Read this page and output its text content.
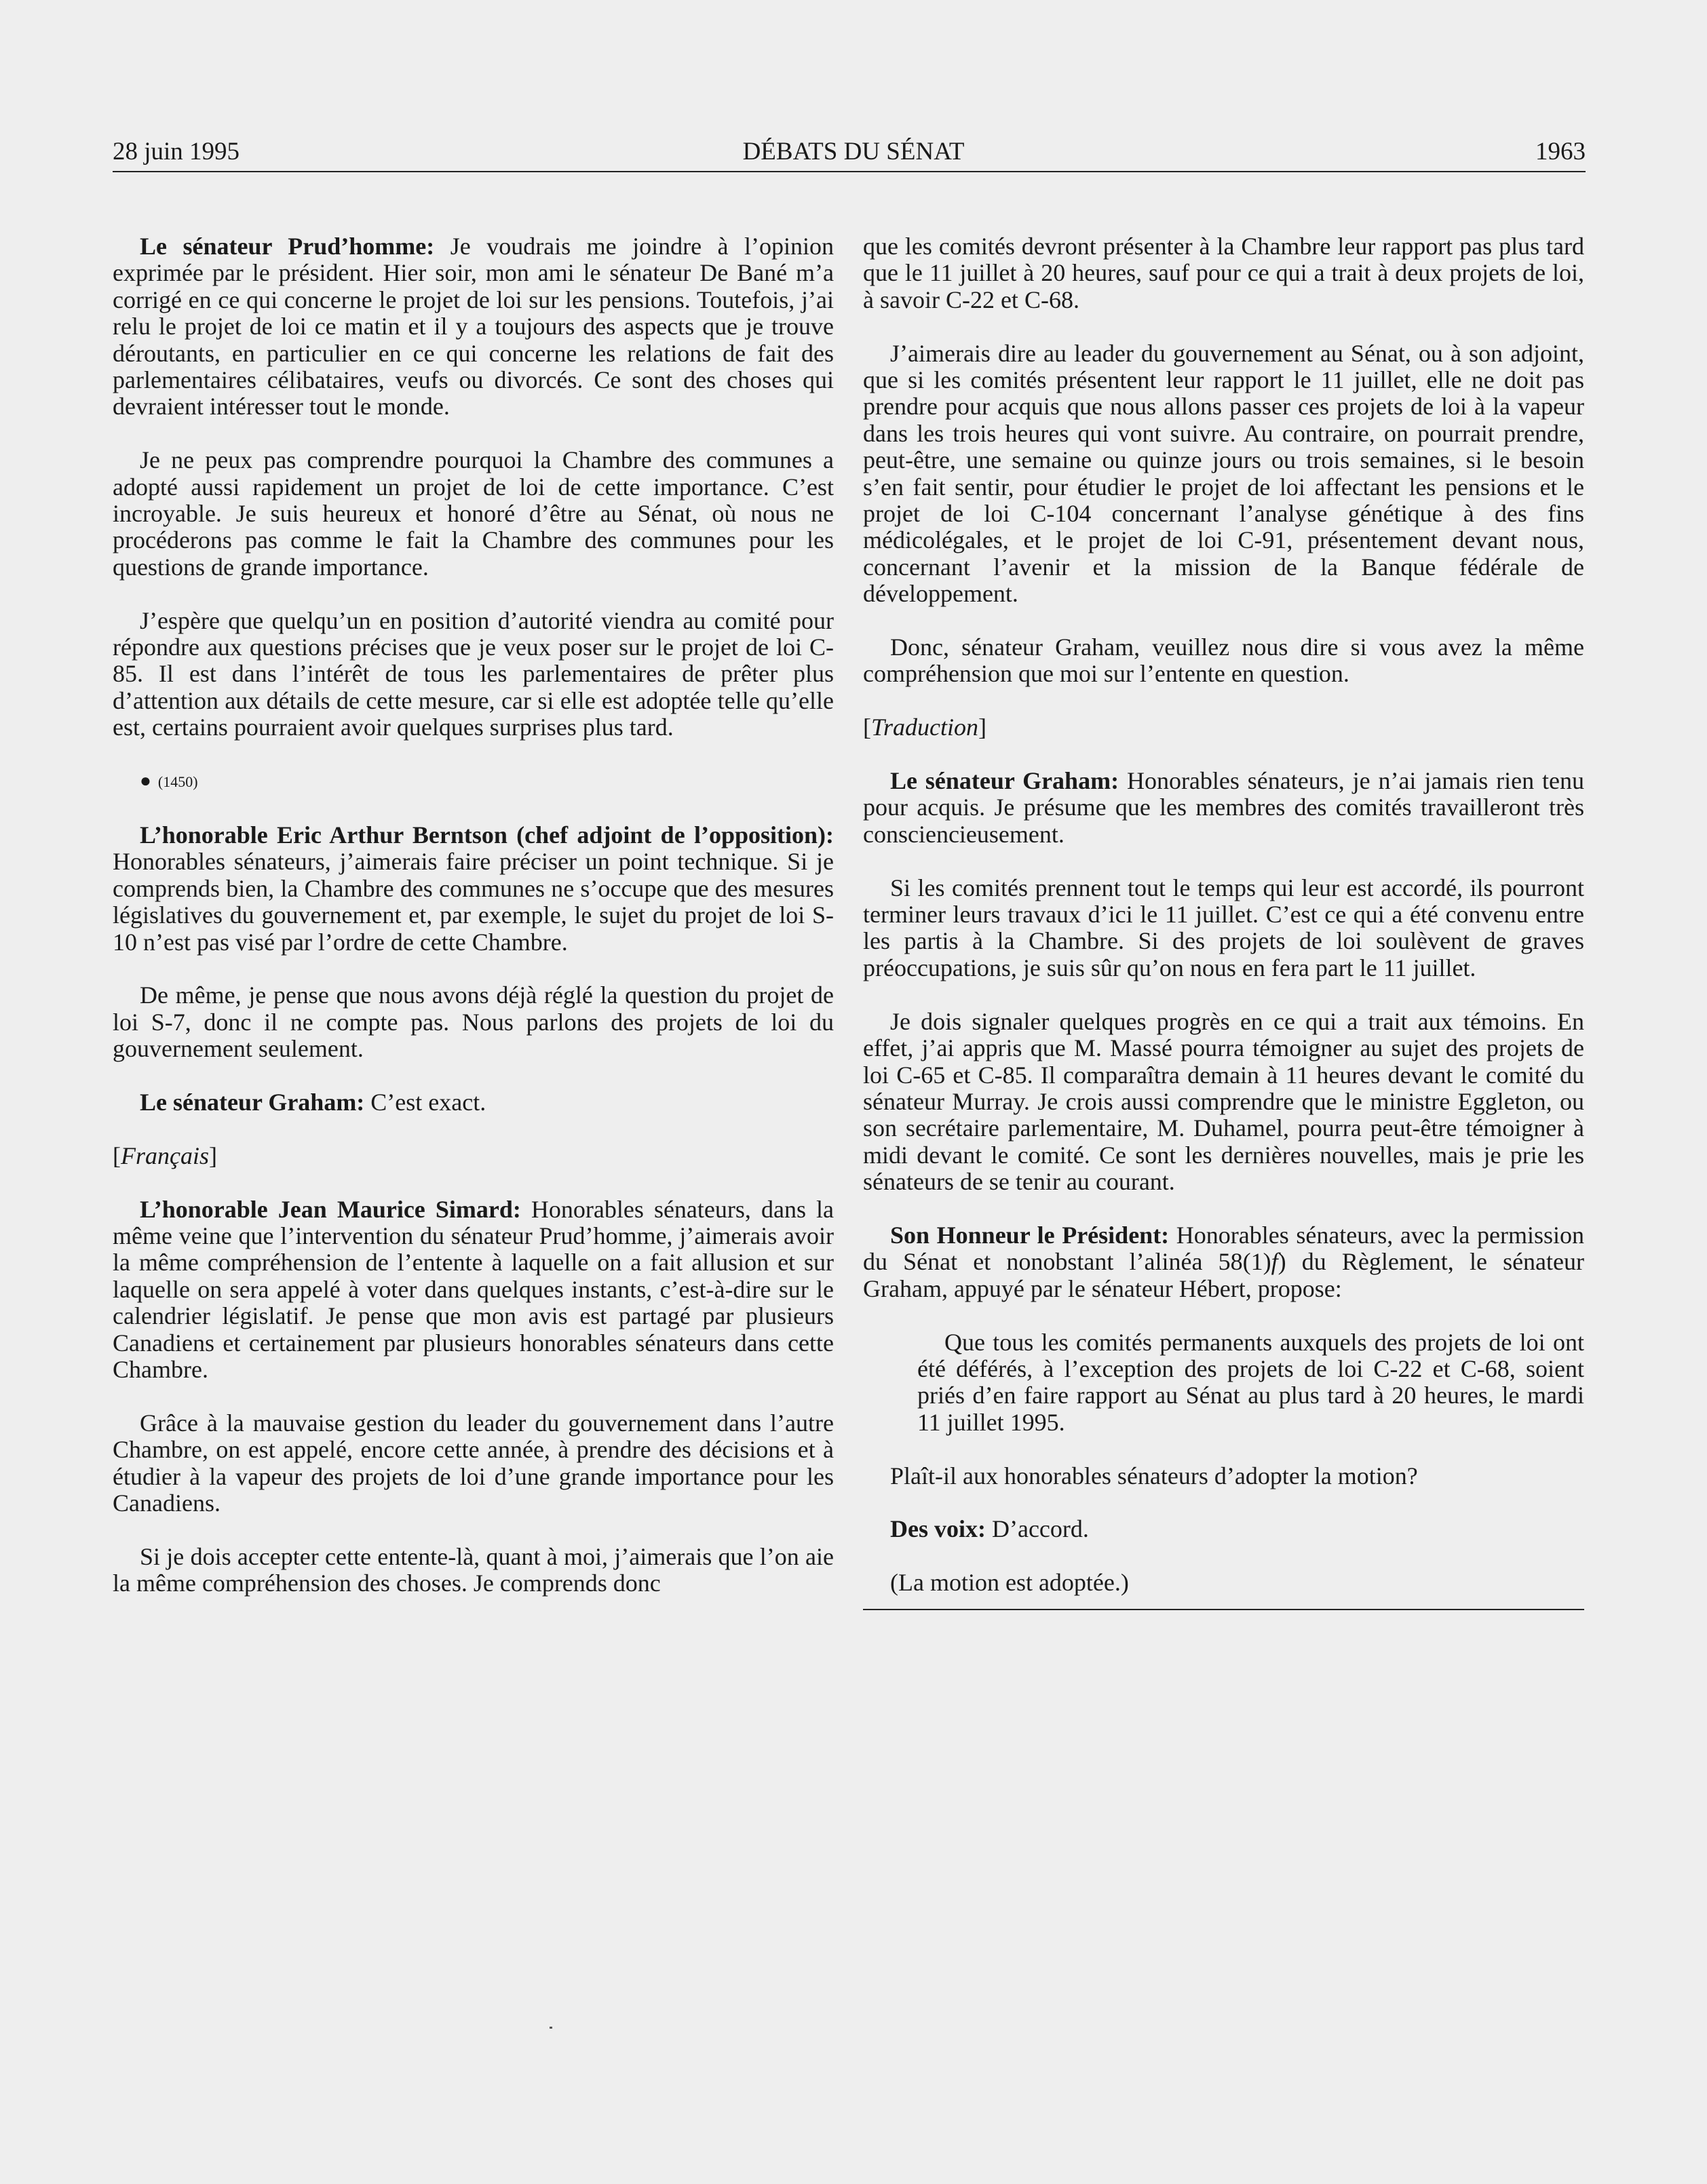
28 juin 1995	DÉBATS DU SÉNAT	1963

Le sénateur Prud’homme: Je voudrais me joindre à l’opinion exprimée par le président. Hier soir, mon ami le sénateur De Bané m’a corrigé en ce qui concerne le projet de loi sur les pensions. Toutefois, j’ai relu le projet de loi ce matin et il y a toujours des aspects que je trouve déroutants, en particulier en ce qui concerne les relations de fait des parlementaires célibataires, veufs ou divorcés. Ce sont des choses qui devraient intéresser tout le monde.

Je ne peux pas comprendre pourquoi la Chambre des communes a adopté aussi rapidement un projet de loi de cette importance. C’est incroyable. Je suis heureux et honoré d’être au Sénat, où nous ne procéderons pas comme le fait la Chambre des communes pour les questions de grande importance.

J’espère que quelqu’un en position d’autorité viendra au comité pour répondre aux questions précises que je veux poser sur le projet de loi C-85. Il est dans l’intérêt de tous les parlementaires de prêter plus d’attention aux détails de cette mesure, car si elle est adoptée telle qu’elle est, certains pourraient avoir quelques surprises plus tard.

● (1450)

L’honorable Eric Arthur Berntson (chef adjoint de l’opposition): Honorables sénateurs, j’aimerais faire préciser un point technique. Si je comprends bien, la Chambre des communes ne s’occupe que des mesures législatives du gouvernement et, par exemple, le sujet du projet de loi S-10 n’est pas visé par l’ordre de cette Chambre.

De même, je pense que nous avons déjà réglé la question du projet de loi S-7, donc il ne compte pas. Nous parlons des projets de loi du gouvernement seulement.

Le sénateur Graham: C’est exact.

[Français]

L’honorable Jean Maurice Simard: Honorables sénateurs, dans la même veine que l’intervention du sénateur Prud’homme, j’aimerais avoir la même compréhension de l’entente à laquelle on a fait allusion et sur laquelle on sera appelé à voter dans quelques instants, c’est-à-dire sur le calendrier législatif. Je pense que mon avis est partagé par plusieurs Canadiens et certainement par plusieurs honorables sénateurs dans cette Chambre.

Grâce à la mauvaise gestion du leader du gouvernement dans l’autre Chambre, on est appelé, encore cette année, à prendre des décisions et à étudier à la vapeur des projets de loi d’une grande importance pour les Canadiens.

Si je dois accepter cette entente-là, quant à moi, j’aimerais que l’on aie la même compréhension des choses. Je comprends donc

que les comités devront présenter à la Chambre leur rapport pas plus tard que le 11 juillet à 20 heures, sauf pour ce qui a trait à deux projets de loi, à savoir C-22 et C-68.

J’aimerais dire au leader du gouvernement au Sénat, ou à son adjoint, que si les comités présentent leur rapport le 11 juillet, elle ne doit pas prendre pour acquis que nous allons passer ces projets de loi à la vapeur dans les trois heures qui vont suivre. Au contraire, on pourrait prendre, peut-être, une semaine ou quinze jours ou trois semaines, si le besoin s’en fait sentir, pour étudier le projet de loi affectant les pensions et le projet de loi C-104 concernant l’analyse génétique à des fins médicolégales, et le projet de loi C-91, présentement devant nous, concernant l’avenir et la mission de la Banque fédérale de développement.

Donc, sénateur Graham, veuillez nous dire si vous avez la même compréhension que moi sur l’entente en question.

[Traduction]

Le sénateur Graham: Honorables sénateurs, je n’ai jamais rien tenu pour acquis. Je présume que les membres des comités travailleront très consciencieusement.

Si les comités prennent tout le temps qui leur est accordé, ils pourront terminer leurs travaux d’ici le 11 juillet. C’est ce qui a été convenu entre les partis à la Chambre. Si des projets de loi soulèvent de graves préoccupations, je suis sûr qu’on nous en fera part le 11 juillet.

Je dois signaler quelques progrès en ce qui a trait aux témoins. En effet, j’ai appris que M. Massé pourra témoigner au sujet des projets de loi C-65 et C-85. Il comparaîtra demain à 11 heures devant le comité du sénateur Murray. Je crois aussi comprendre que le ministre Eggleton, ou son secrétaire parlementaire, M. Duhamel, pourra peut-être témoigner à midi devant le comité. Ce sont les dernières nouvelles, mais je prie les sénateurs de se tenir au courant.

Son Honneur le Président: Honorables sénateurs, avec la permission du Sénat et nonobstant l’alinéa 58(1)f) du Règlement, le sénateur Graham, appuyé par le sénateur Hébert, propose:

Que tous les comités permanents auxquels des projets de loi ont été déférés, à l’exception des projets de loi C-22 et C-68, soient priés d’en faire rapport au Sénat au plus tard à 20 heures, le mardi 11 juillet 1995.

Plaît-il aux honorables sénateurs d’adopter la motion?

Des voix: D’accord.

(La motion est adoptée.)
